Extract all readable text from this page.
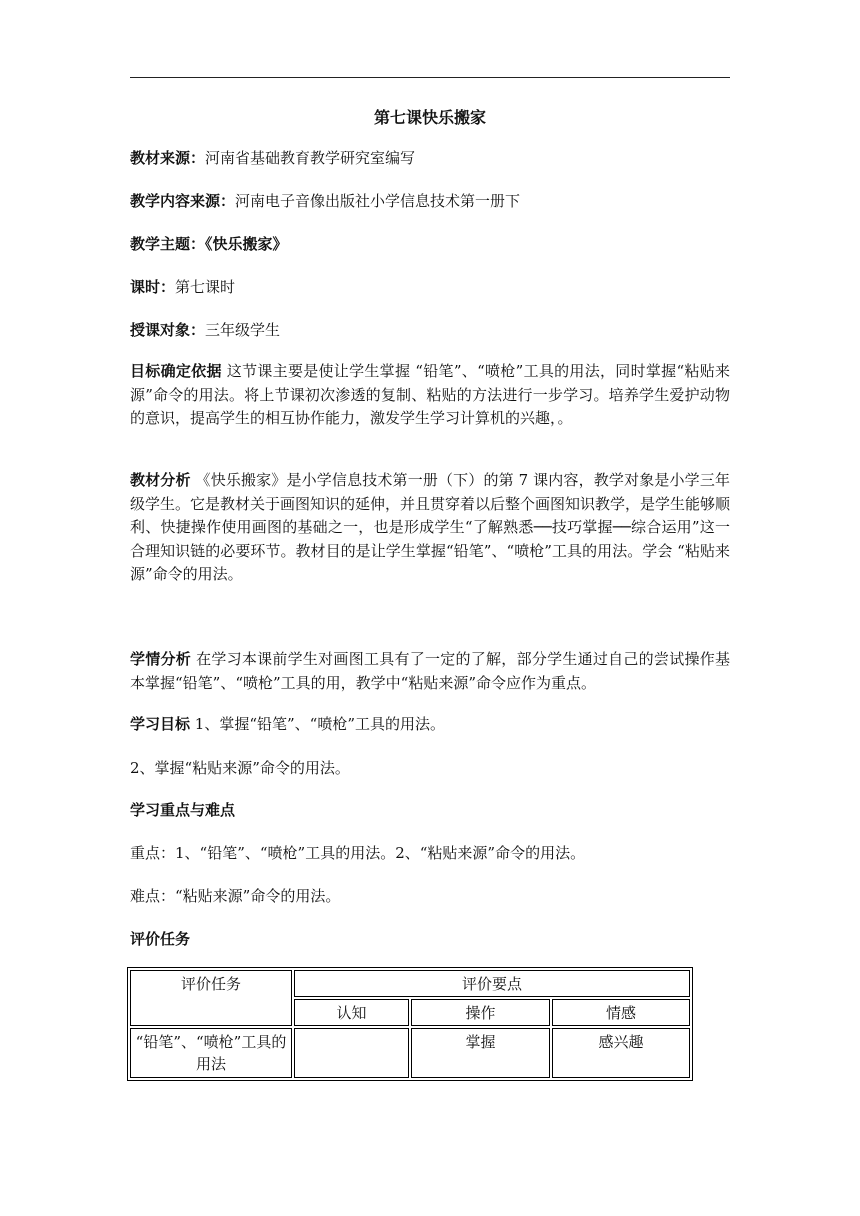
第七课快乐搬家
教材来源：河南省基础教育教学研究室编写
教学内容来源：河南电子音像出版社小学信息技术第一册下
教学主题：《快乐搬家》
课时：第七课时
授课对象：三年级学生
目标确定依据 这节课主要是使让学生掌握 “铅笔”、“喷枪”工具的用法，同时掌握“粘贴来源”命令的用法。将上节课初次渗透的复制、粘贴的方法进行一步学习。培养学生爱护动物的意识，提高学生的相互协作能力，激发学生学习计算机的兴趣，。
教材分析 《快乐搬家》是小学信息技术第一册（下）的第 7 课内容，教学对象是小学三年级学生。它是教材关于画图知识的延伸，并且贯穿着以后整个画图知识教学，是学生能够顺利、快捷操作使用画图的基础之一，也是形成学生“了解熟悉──技巧掌握──综合运用”这一合理知识链的必要环节。教材目的是让学生掌握“铅笔”、“喷枪”工具的用法。学会 “粘贴来源”命令的用法。
学情分析 在学习本课前学生对画图工具有了一定的了解，部分学生通过自己的尝试操作基本掌握“铅笔”、“喷枪”工具的用，教学中“粘贴来源”命令应作为重点。
学习目标 1、掌握“铅笔”、“喷枪”工具的用法。
2、掌握“粘贴来源”命令的用法。
学习重点与难点
重点：1、“铅笔”、“喷枪”工具的用法。2、“粘贴来源”命令的用法。
难点：“粘贴来源”命令的用法。
评价任务
评价任务	评价要点		
	认知	操作	情感
“铅笔”、“喷枪”工具的用法		掌握	感兴趣
